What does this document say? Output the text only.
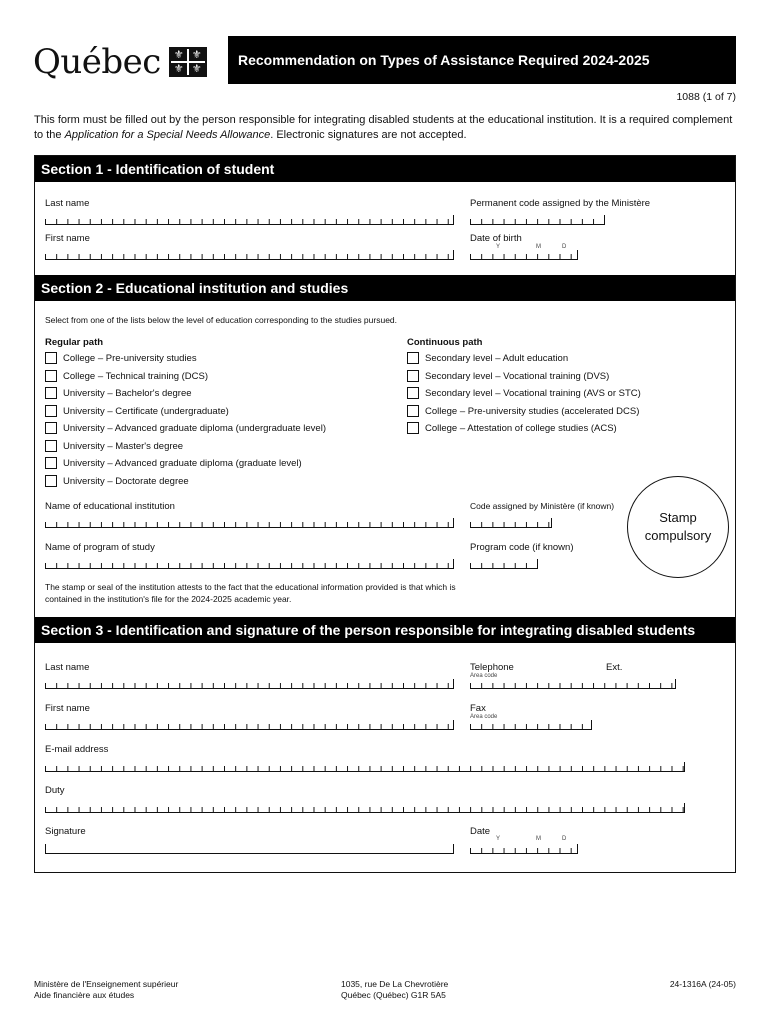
Québec ⚜ ⚜
⚜
⚜	Recommendation on Types of Assistance Required 2024-2025
1088 (1 of 7)
This form must be filled out by the person responsible for integrating disabled students at the educational institution. It is a required complement to the Application for a Special Needs Allowance. Electronic signatures are not accepted.
Section 1 - Identification of student
Last name	Permanent code assigned by the Ministère
First name	Date of birth
Y	M	D
Section 2 - Educational institution and studies
Select from one of the lists below the level of education corresponding to the studies pursued.
Regular path	Continuous path
College – Pre-university studies
College – Technical training (DCS)
University – Bachelor's degree
University – Certificate (undergraduate)
University – Advanced graduate diploma (undergraduate level)
University – Master's degree
University – Advanced graduate diploma (graduate level)
University – Doctorate degree
Secondary level – Adult education
Secondary level – Vocational training (DVS)
Secondary level – Vocational training (AVS or STC)
College – Pre-university studies (accelerated DCS)
College – Attestation of college studies (ACS)
Name of educational institution	Code assigned by Ministère (if known)
Name of program of study	Program code (if known)
Stamp
compulsory
The stamp or seal of the institution attests to the fact that the educational information provided is that which is contained in the institution's file for the 2024-2025 academic year.
Section 3 - Identification and signature of the person responsible for integrating disabled students
Last name	Telephone
Area code
Ext.
First name	Fax
Area code
E-mail address
Duty
Signature	Date
Y	M	D
Ministère de l'Enseignement supérieur
Aide financière aux études
1035, rue De La Chevrotière
Québec (Québec) G1R 5A5
24-1316A (24-05)
